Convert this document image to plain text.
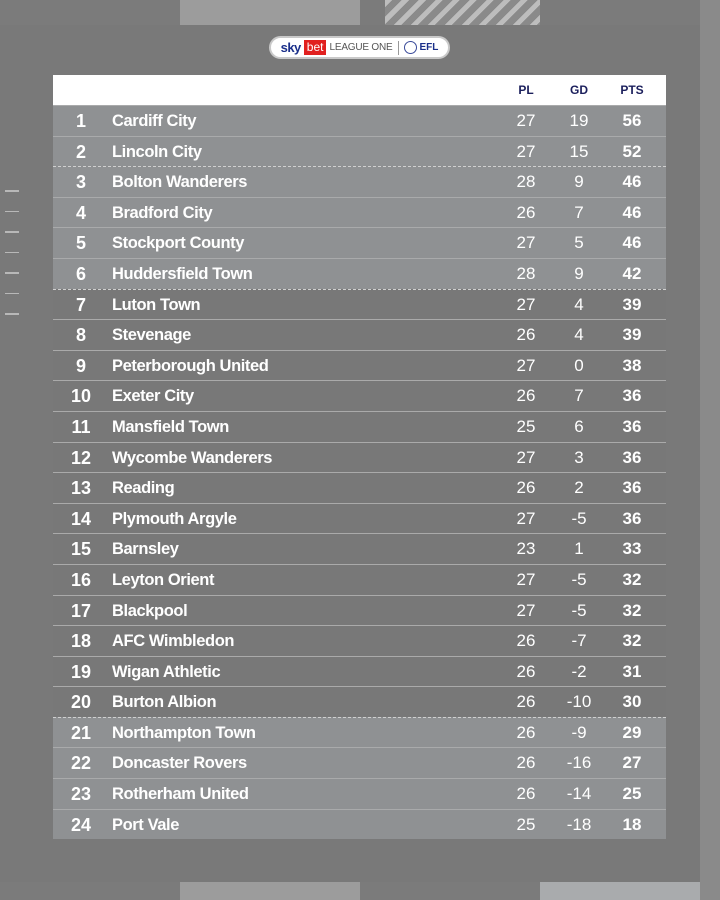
sky bet LEAGUE ONE	EFL
PL	GD	PTS
1	Cardiff City	27	19	56
2	Lincoln City	27	15	52
3	Bolton Wanderers	28	9	46
4	Bradford City	26	7	46
5	Stockport County	27	5	46
6	Huddersfield Town	28	9	42
7	Luton Town	27	4	39
8	Stevenage	26	4	39
9	Peterborough United	27	0	38
10	Exeter City	26	7	36
11	Mansfield Town	25	6	36
12	Wycombe Wanderers	27	3	36
13	Reading	26	2	36
14	Plymouth Argyle	27	-5	36
15	Barnsley	23	1	33
16	Leyton Orient	27	-5	32
17	Blackpool	27	-5	32
18	AFC Wimbledon	26	-7	32
19	Wigan Athletic	26	-2	31
20	Burton Albion	26	-10	30
21	Northampton Town	26	-9	29
22	Doncaster Rovers	26	-16	27
23	Rotherham United	26	-14	25
24	Port Vale	25	-18	18
